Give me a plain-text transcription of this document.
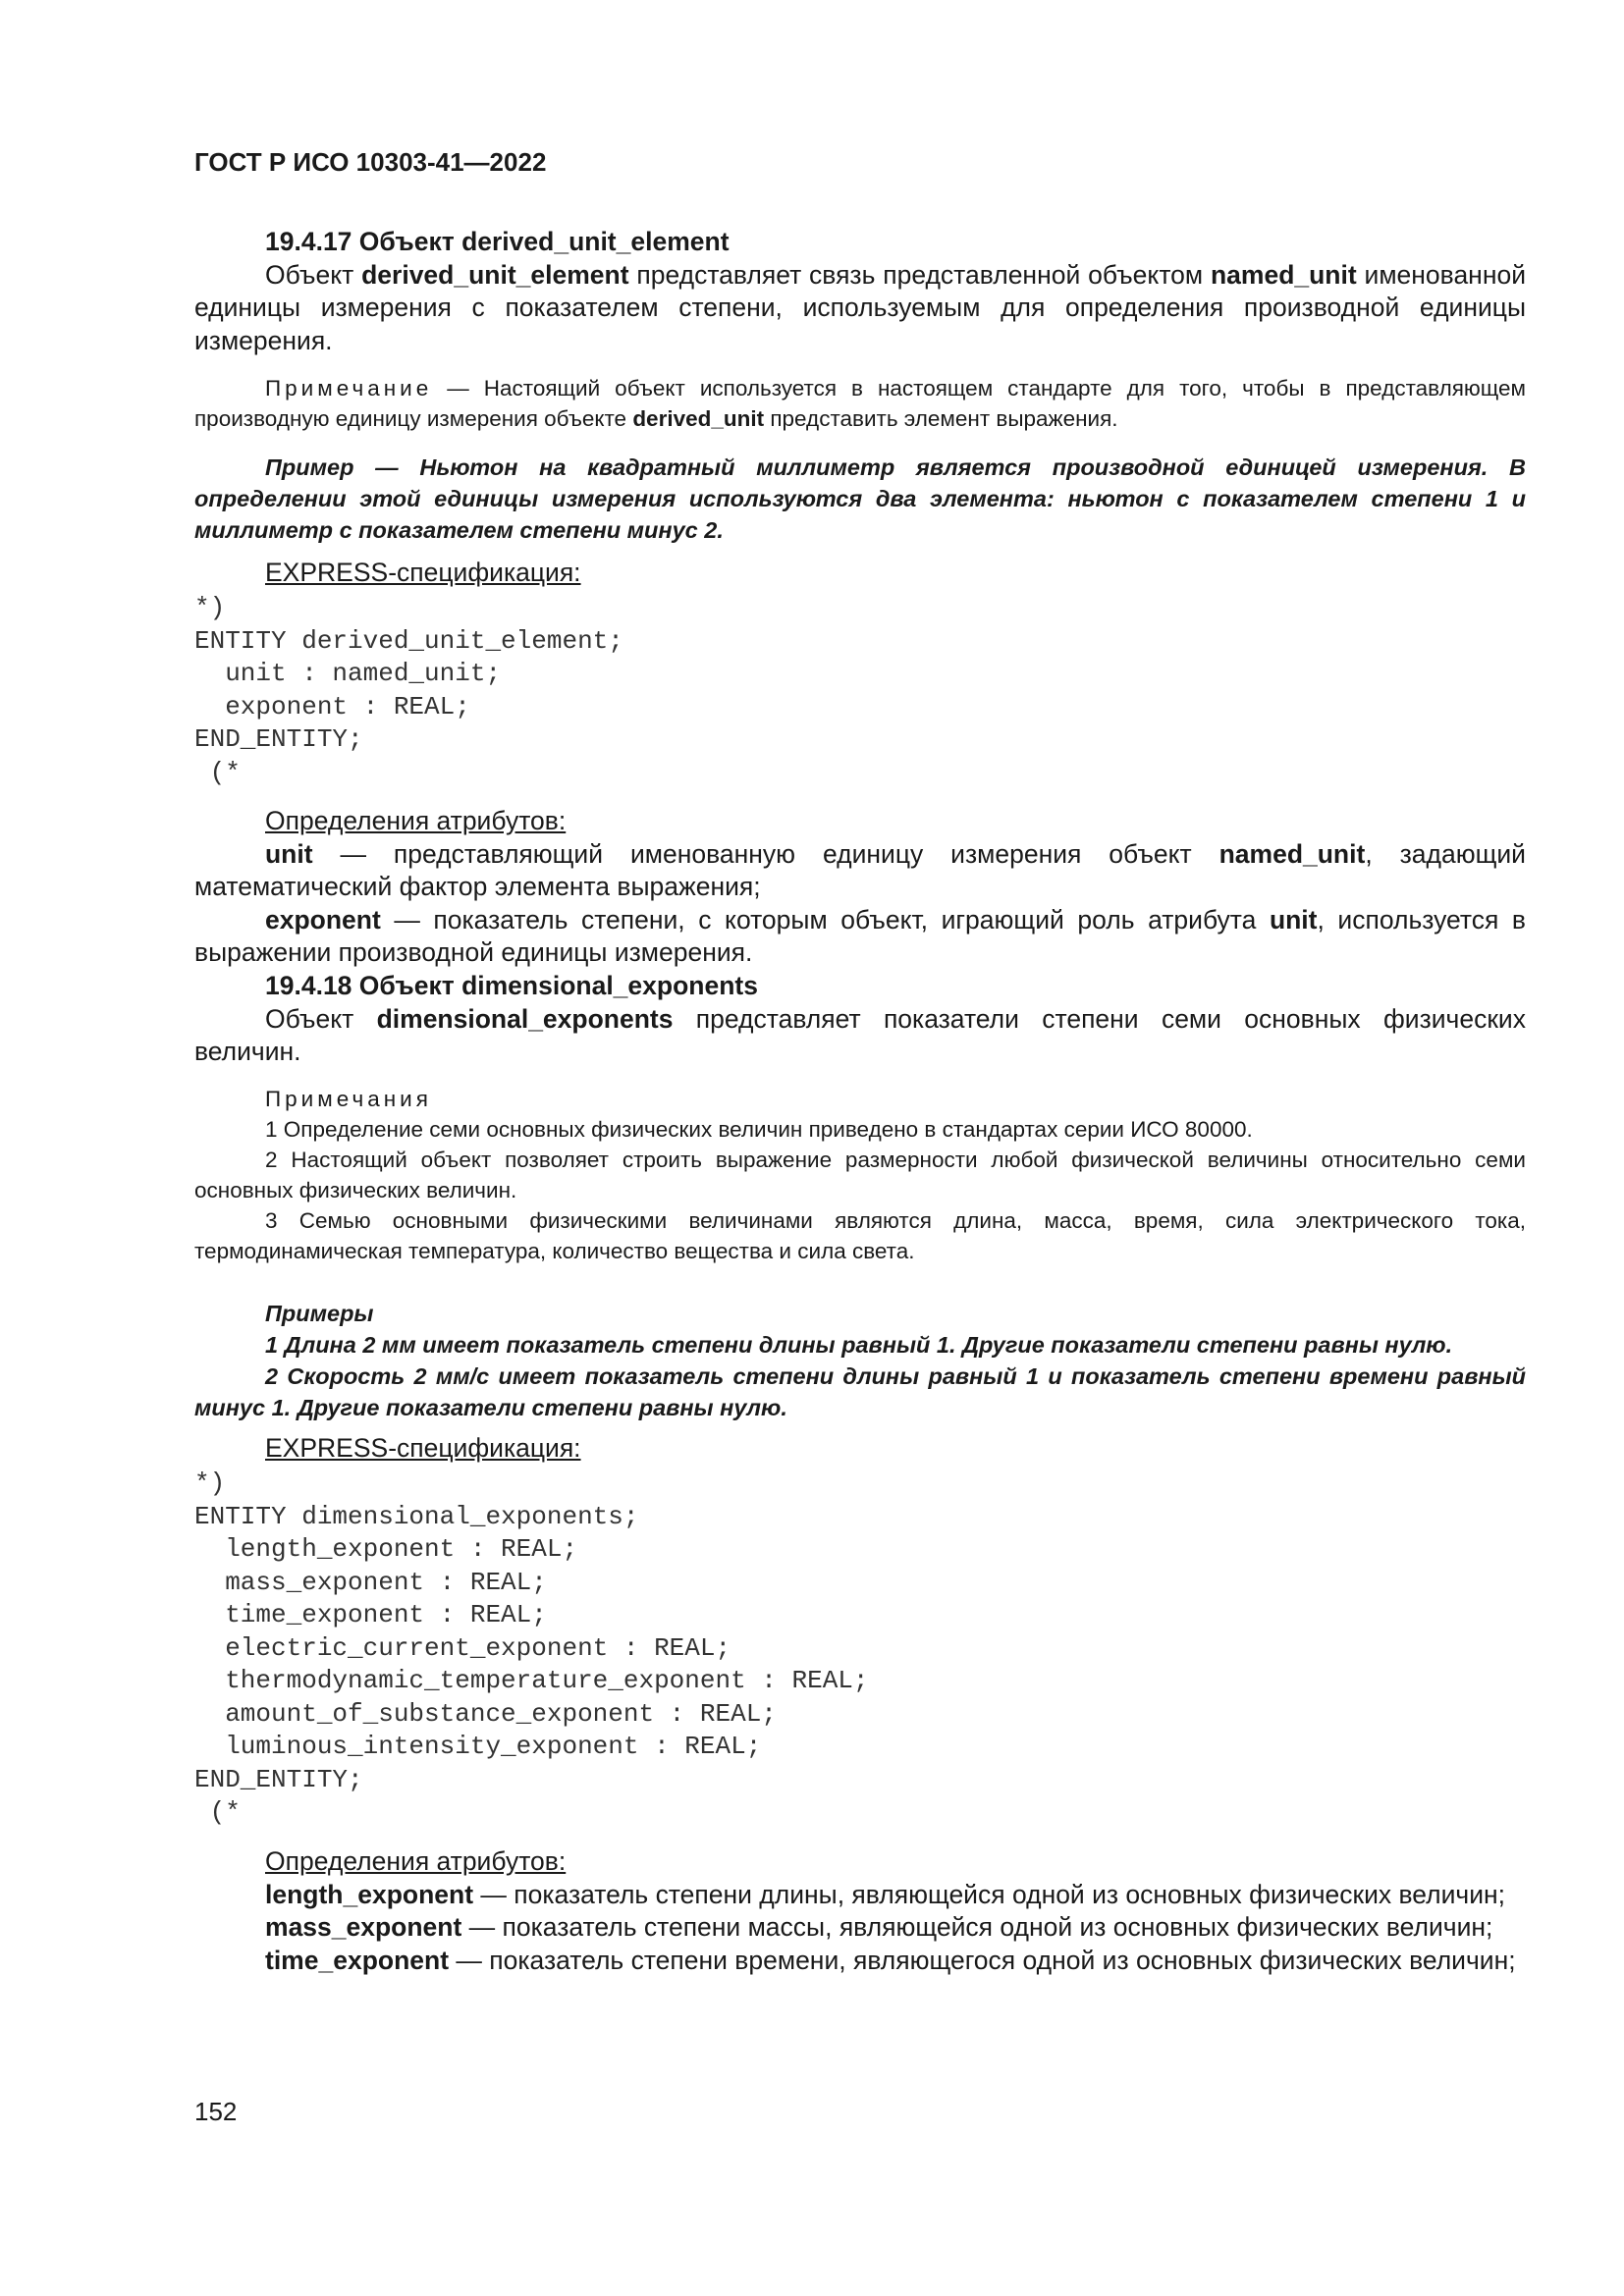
ГОСТ Р ИСО 10303-41—2022

19.4.17 Объект derived_unit_element

Объект derived_unit_element представляет связь представленной объектом named_unit именованной единицы измерения с показателем степени, используемым для определения производной единицы измерения.

Примечание — Настоящий объект используется в настоящем стандарте для того, чтобы в представляющем производную единицу измерения объекте derived_unit представить элемент выражения.

Пример — Ньютон на квадратный миллиметр является производной единицей измерения. В определении этой единицы измерения используются два элемента: ньютон с показателем степени 1 и миллиметр с показателем степени минус 2.

EXPRESS-спецификация:

*)
ENTITY derived_unit_element;
unit : named_unit;
exponent : REAL;
END_ENTITY;
(*

Определения атрибутов:

unit — представляющий именованную единицу измерения объект named_unit, задающий математический фактор элемента выражения;

exponent — показатель степени, с которым объект, играющий роль атрибута unit, используется в выражении производной единицы измерения.

19.4.18 Объект dimensional_exponents

Объект dimensional_exponents представляет показатели степени семи основных физических величин.

Примечания

1 Определение семи основных физических величин приведено в стандартах серии ИСО 80000.

2 Настоящий объект позволяет строить выражение размерности любой физической величины относительно семи основных физических величин.

3 Семью основными физическими величинами являются длина, масса, время, сила электрического тока, термодинамическая температура, количество вещества и сила света.

Примеры

1 Длина 2 мм имеет показатель степени длины равный 1. Другие показатели степени равны нулю.

2 Скорость 2 мм/с имеет показатель степени длины равный 1 и показатель степени времени равный минус 1. Другие показатели степени равны нулю.

EXPRESS-спецификация:

*)
ENTITY dimensional_exponents;
length_exponent : REAL;
mass_exponent : REAL;
time_exponent : REAL;
electric_current_exponent : REAL;
thermodynamic_temperature_exponent : REAL;
amount_of_substance_exponent : REAL;
luminous_intensity_exponent : REAL;
END_ENTITY;
(*

Определения атрибутов:

length_exponent — показатель степени длины, являющейся одной из основных физических величин;

mass_exponent — показатель степени массы, являющейся одной из основных физических величин;

time_exponent — показатель степени времени, являющегося одной из основных физических величин;

152
